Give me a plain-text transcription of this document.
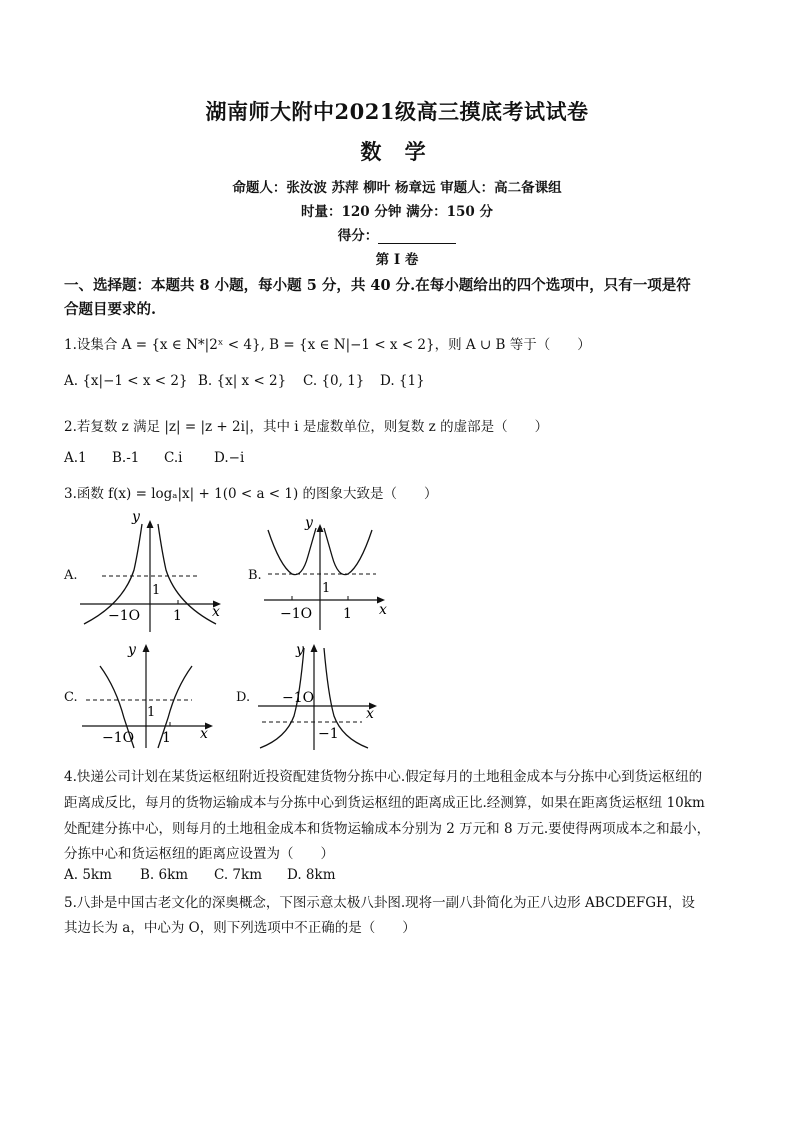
湖南师大附中2021级高三摸底考试试卷
数 学
命题人：张汝波 苏萍 柳叶 杨章远 审题人：高二备课组
时量：120 分钟 满分：150 分
得分：
第 I 卷
一、选择题：本题共 8 小题，每小题 5 分，共 40 分.在每小题给出的四个选项中，只有一项是符
合题目要求的.
1.设集合 A = {x ∈ N*|2ˣ < 4}, B = {x ∈ N|−1 < x < 2}，则 A ∪ B 等于（　　）
A. {x|−1 < x < 2} B. {x| x < 2} C. {0, 1} D. {1}
2.若复数 z 满足 |z| = |z + 2i|，其中 i 是虚数单位，则复数 z 的虚部是（　　）
A.1 B.-1 C.i D.−i
3.函数 f(x) = logₐ|x| + 1(0 < a < 1) 的图象大致是（　　）
A.
y
x
1
−1O 1
B.
y
x
1
−1O 1
C.
y
x
1
−1O 1
D.
y
x
−1O
−1
4.快递公司计划在某货运枢纽附近投资配建货物分拣中心.假定每月的土地租金成本与分拣中心到货运枢纽的
距离成反比，每月的货物运输成本与分拣中心到货运枢纽的距离成正比.经测算，如果在距离货运枢纽 10km
处配建分拣中心，则每月的土地租金成本和货物运输成本分别为 2 万元和 8 万元.要使得两项成本之和最小，
分拣中心和货运枢纽的距离应设置为（　　）
A. 5km B. 6km C. 7km D. 8km
5.八卦是中国古老文化的深奥概念，下图示意太极八卦图.现将一副八卦简化为正八边形 ABCDEFGH，设
其边长为 a，中心为 O，则下列选项中不正确的是（　　）
